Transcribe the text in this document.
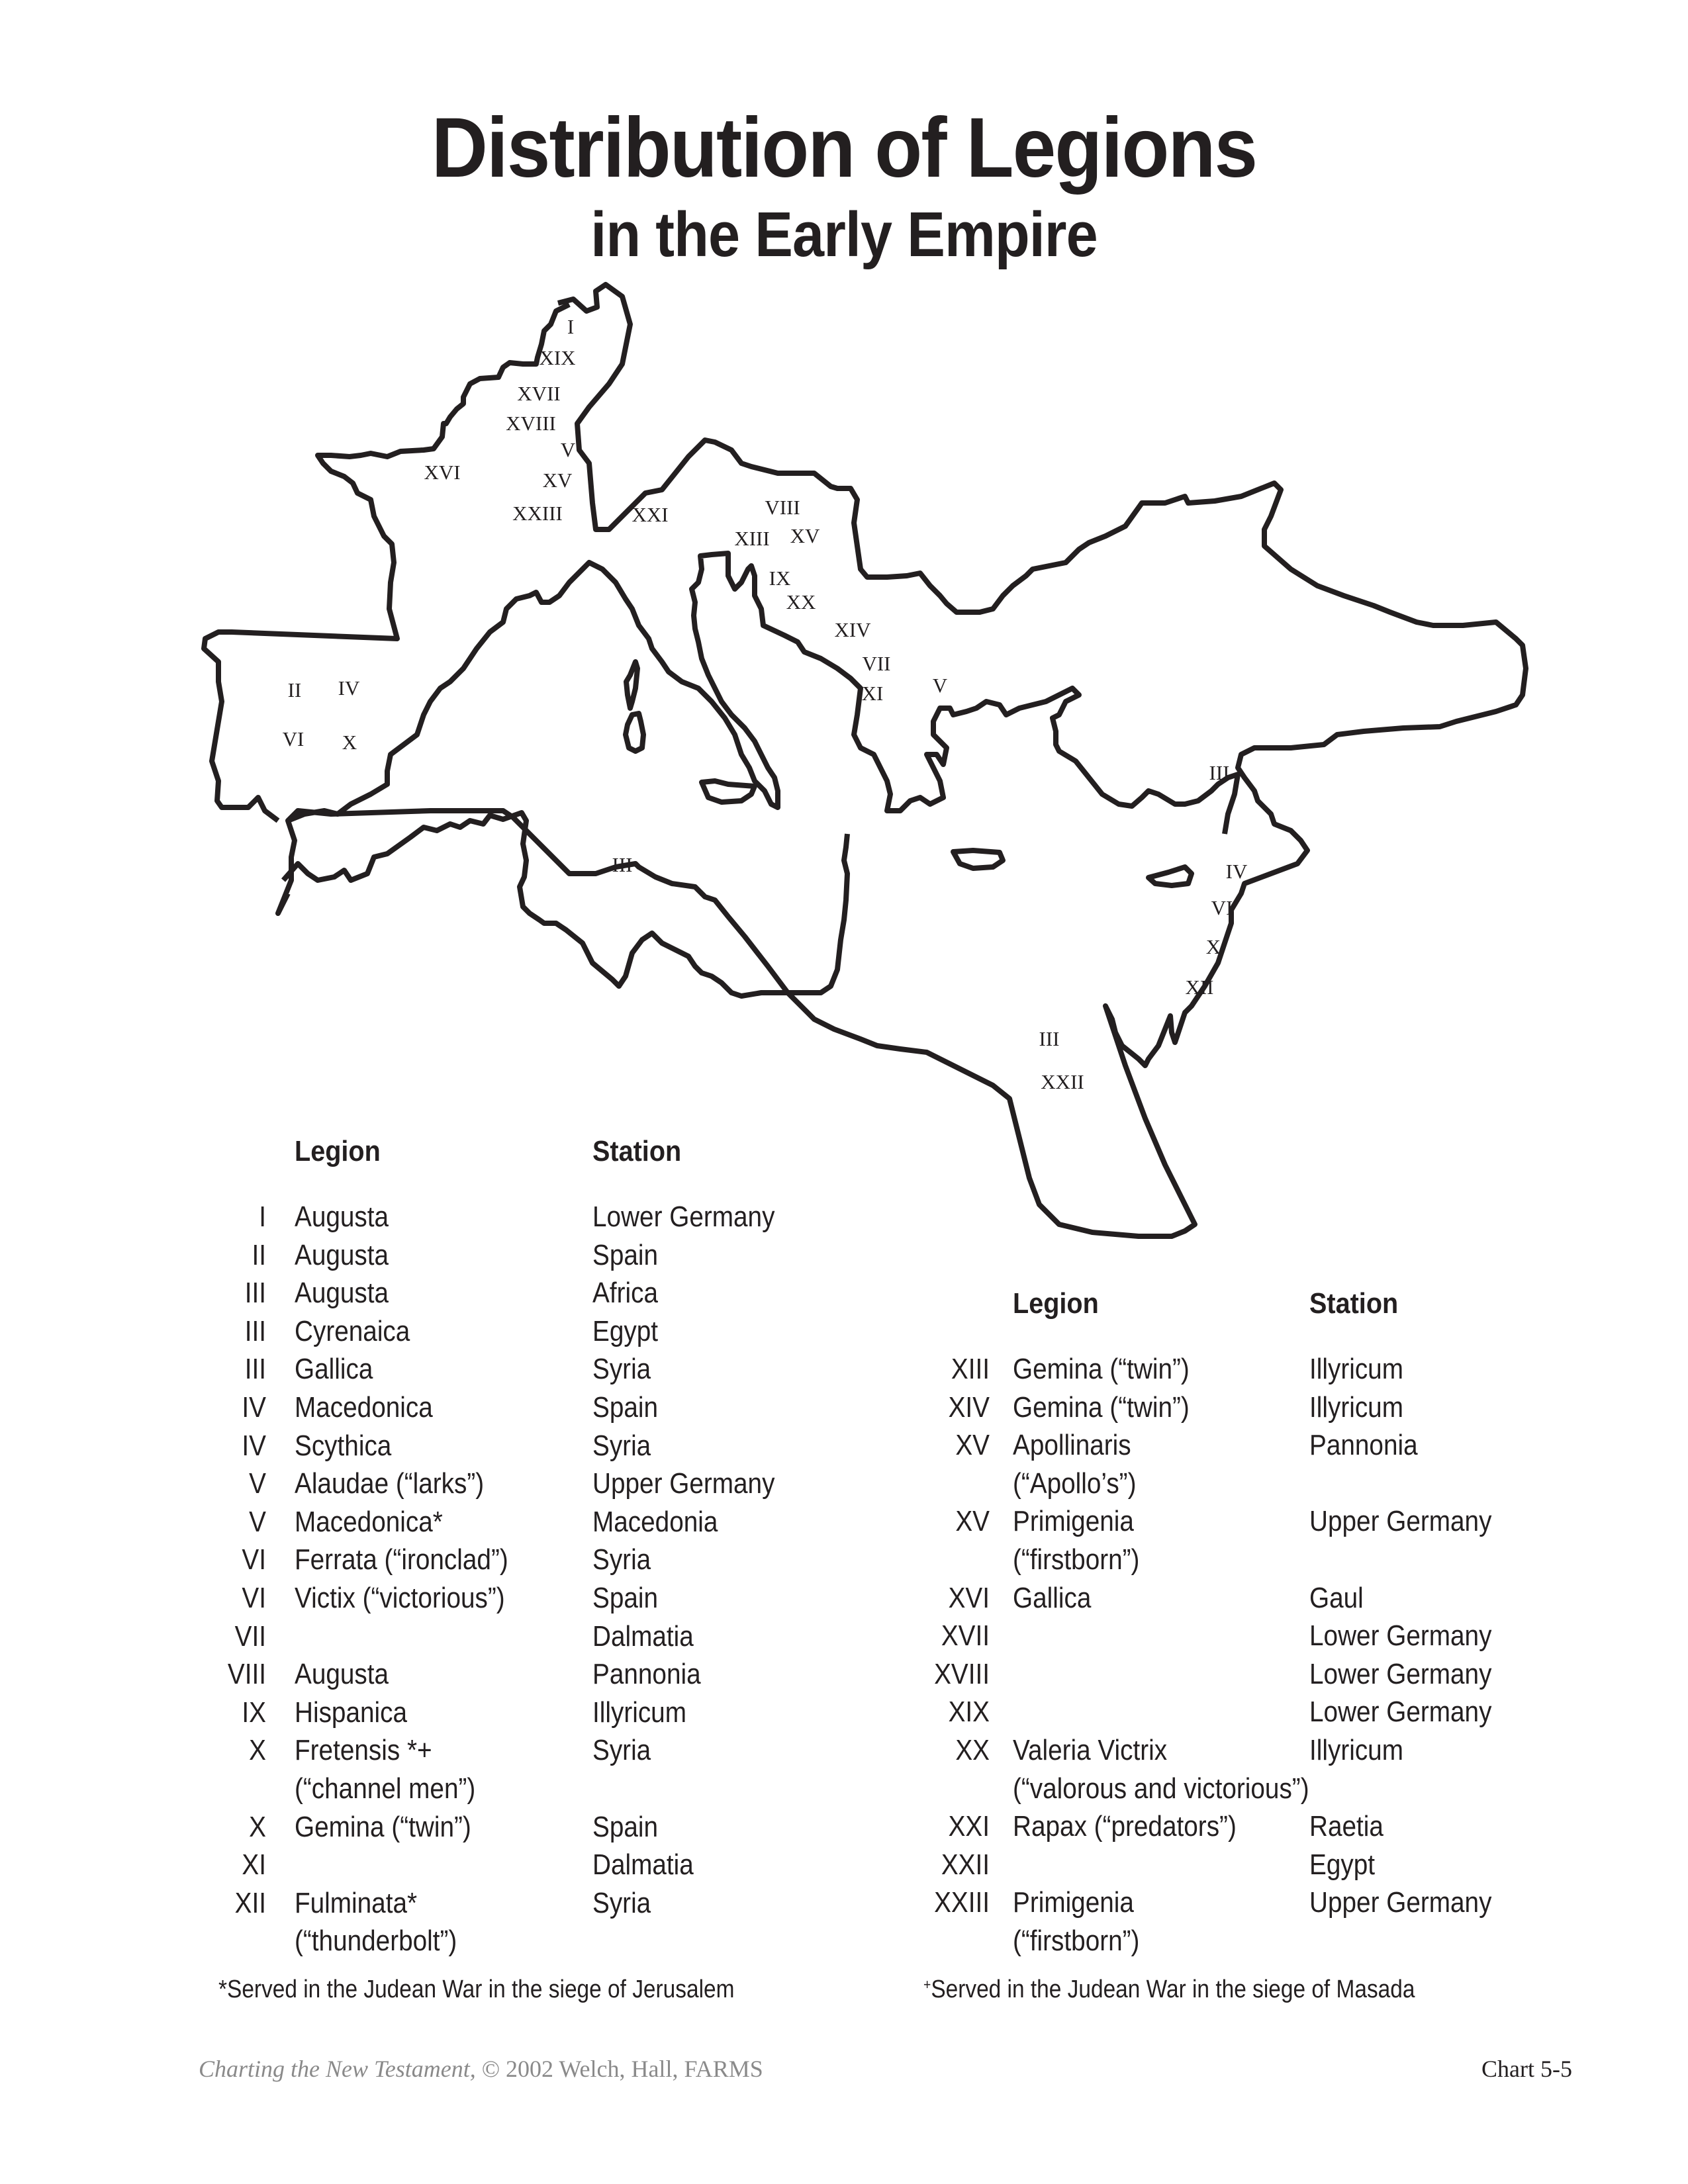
Distribution of Legions
in the Early Empire
I
XIX
XVII
XVIII
V
XVI	XV
XXIII	XXI	VIII
XIII XV
IX
XX
XIV
VII
XI V
II IV
VI X
III
III	IV
VI
X
XII
III
XXII
Legion	Station
I Augusta	Lower Germany
II Augusta	Spain
III Augusta	Africa
III Cyrenaica	Egypt
III Gallica	Syria
IV Macedonica	Spain
IV Scythica	Syria
V Alaudae (“larks”)	Upper Germany
V Macedonica*	Macedonia
VI Ferrata (“ironclad”)	Syria
VI Victix (“victorious”)	Spain
VII	Dalmatia
VIII Augusta	Pannonia
IX Hispanica	Illyricum
X Fretensis *+	Syria
(“channel men”)
X Gemina (“twin”)	Spain
XI	Dalmatia
XII Fulminata*	Syria
(“thunderbolt”)
*Served in the Judean War in the siege of Jerusalem
Legion	Station
XIII Gemina (“twin”)	Illyricum
XIV Gemina (“twin”)	Illyricum
XV Apollinaris	Pannonia
(“Apollo’s”)
XV Primigenia	Upper Germany
(“firstborn”)
XVI Gallica	Gaul
XVII	Lower Germany
XVIII	Lower Germany
XIX	Lower Germany
XX Valeria Victrix	Illyricum
(“valorous and victorious”)
XXI Rapax (“predators”)	Raetia
XXII	Egypt
XXIII Primigenia	Upper Germany
(“firstborn”)
+Served in the Judean War in the siege of Masada
Charting the New Testament, © 2002 Welch, Hall, FARMS	Chart 5-5
